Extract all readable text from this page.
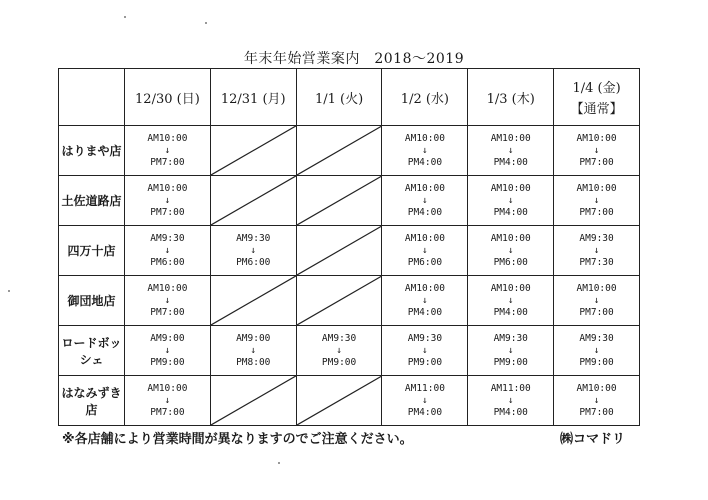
年末年始営業案内　2018～2019
	12/30 (日)	12/31 (月)	1/1 (火)	1/2 (水)	1/3 (木)	1/4 (金)
【通常】

はりまや店	AM10:00
↓
PM7:00			AM10:00
↓
PM4:00	AM10:00
↓
PM4:00	AM10:00
↓
PM7:00

土佐道路店	AM10:00
↓
PM7:00			AM10:00
↓
PM4:00	AM10:00
↓
PM4:00	AM10:00
↓
PM7:00

四万十店	AM9:30
↓
PM6:00	AM9:30
↓
PM6:00		AM10:00
↓
PM6:00	AM10:00
↓
PM6:00	AM9:30
↓
PM7:30

御団地店	AM10:00
↓
PM7:00			AM10:00
↓
PM4:00	AM10:00
↓
PM4:00	AM10:00
↓
PM7:00

ロードボッシェ	AM9:00
↓
PM9:00	AM9:00
↓
PM8:00	AM9:30
↓
PM9:00	AM9:30
↓
PM9:00	AM9:30
↓
PM9:00	AM9:30
↓
PM9:00

はなみずき店	AM10:00
↓
PM7:00			AM11:00
↓
PM4:00	AM11:00
↓
PM4:00	AM10:00
↓
PM7:00
※各店舗により営業時間が異なりますのでご注意ください。	㈱コマドリ
